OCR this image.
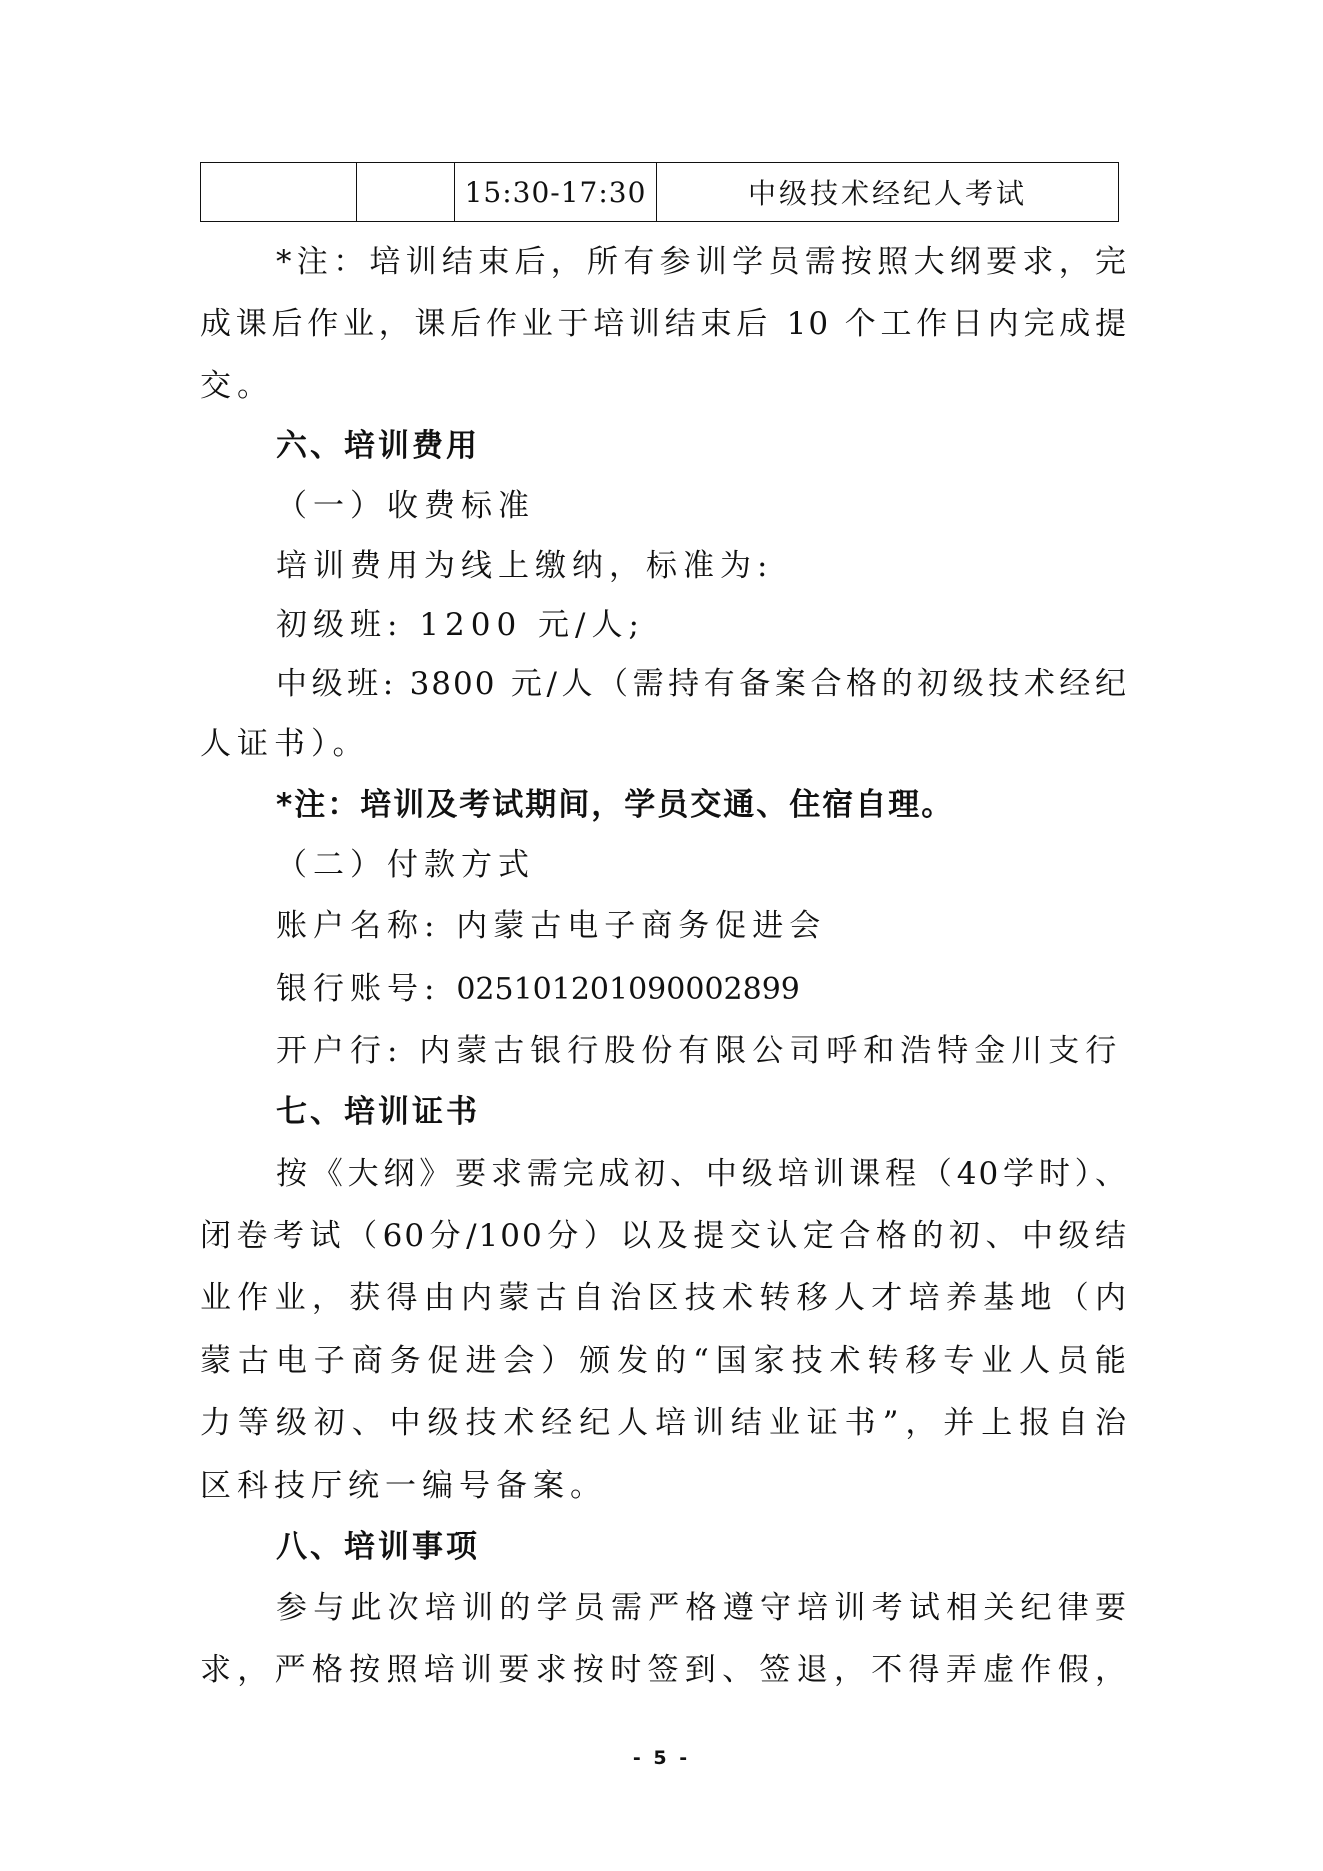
		15:30-17:30	中级技术经纪人考试
*注：培训结束后，所有参训学员需按照大纲要求，完
成课后作业，课后作业于培训结束后 10 个工作日内完成提
交。
六、培训费用
（一）收费标准
培训费用为线上缴纳，标准为:
初级班: 1200 元/人;
中级班: 3800 元/人（需持有备案合格的初级技术经纪
人证书）。
*注：培训及考试期间，学员交通、住宿自理。
（二）付款方式
账户名称: 内蒙古电子商务促进会
银行账号: 025101201090002899
开户行: 内蒙古银行股份有限公司呼和浩特金川支行
七、培训证书
按《大纲》要求需完成初、中级培训课程（40学时）、
闭卷考试（60分/100分）以及提交认定合格的初、中级结
业作业，获得由内蒙古自治区技术转移人才培养基地（内
蒙古电子商务促进会）颁发的“国家技术转移专业人员能
力等级初、中级技术经纪人培训结业证书”，并上报自治
区科技厅统一编号备案。
八、培训事项
参与此次培训的学员需严格遵守培训考试相关纪律要
求，严格按照培训要求按时签到、签退，不得弄虚作假，
- 5 -
